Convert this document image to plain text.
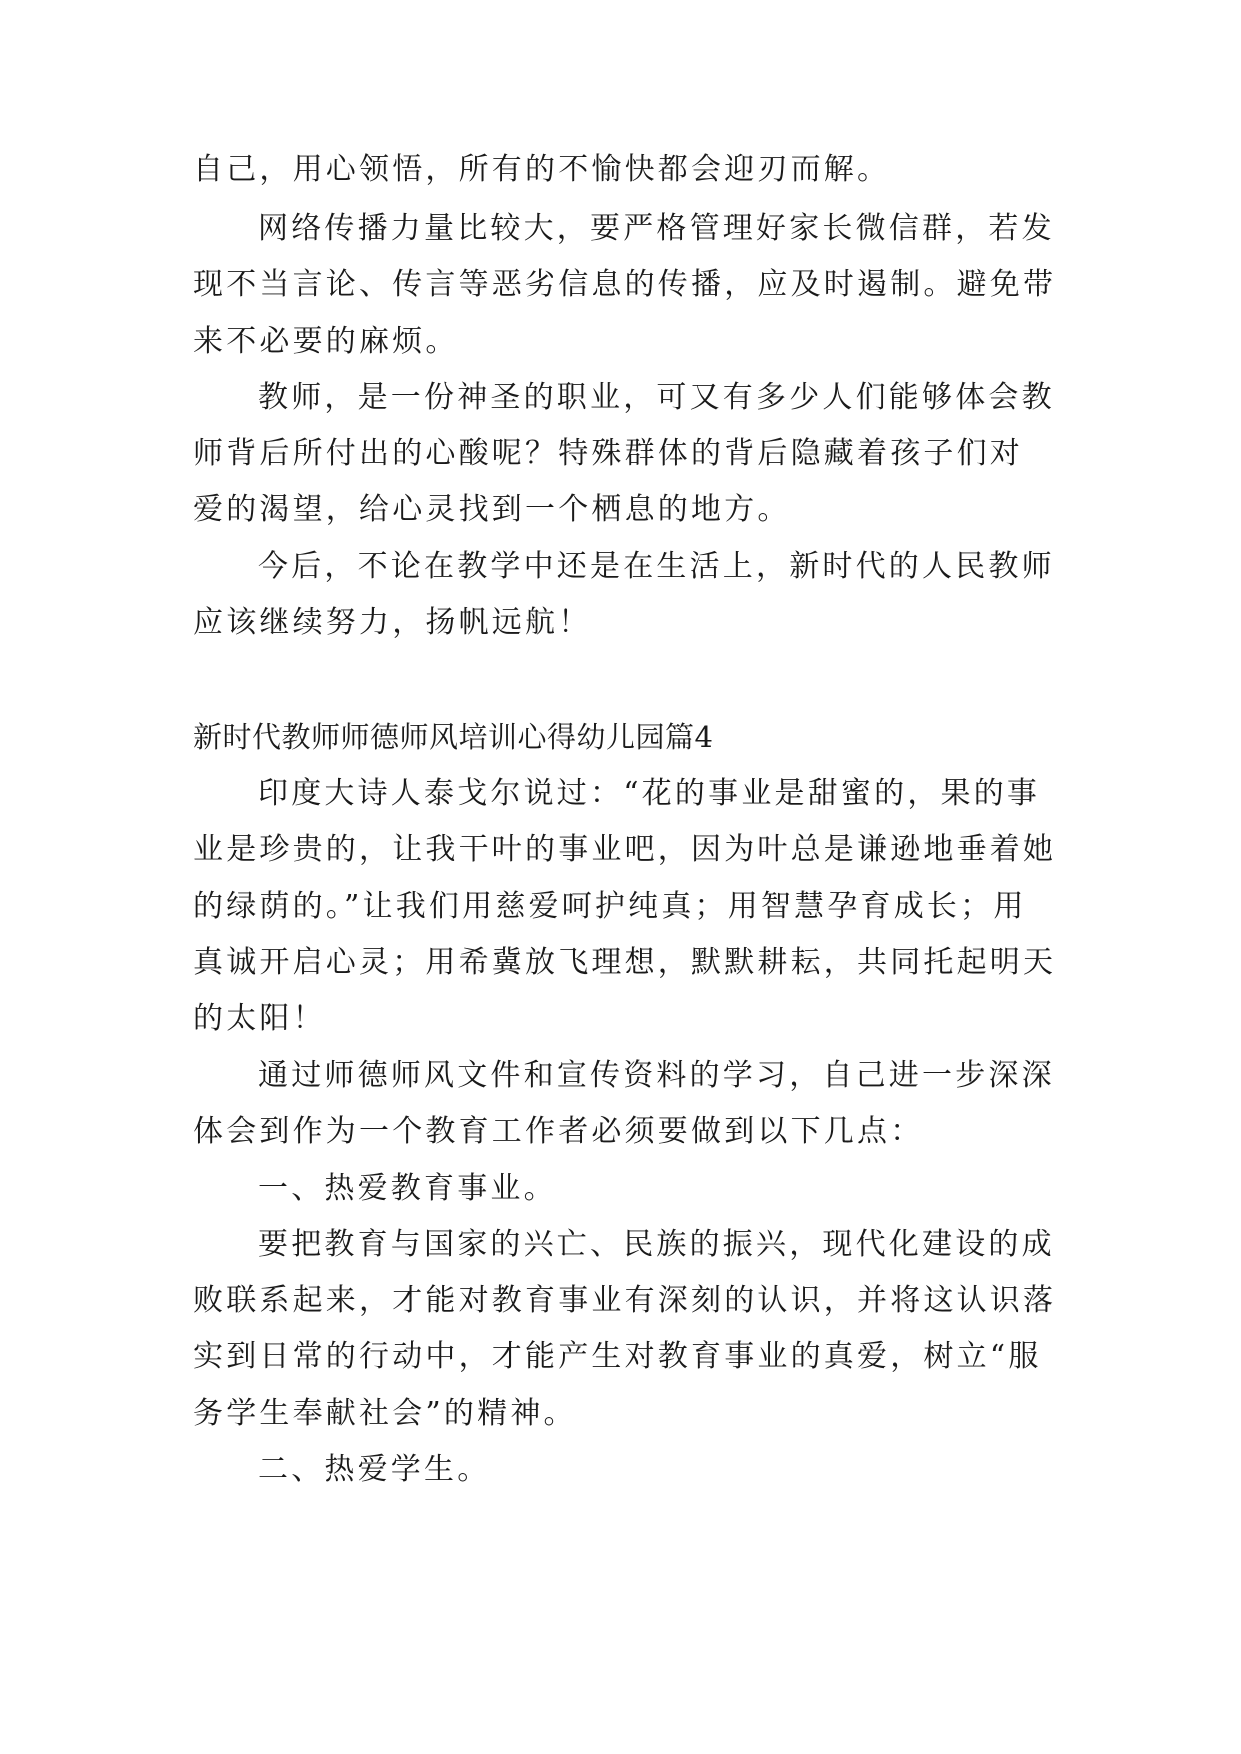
自己，用心领悟，所有的不愉快都会迎刃而解。
网络传播力量比较大，要严格管理好家长微信群，若发
现不当言论、传言等恶劣信息的传播，应及时遏制。避免带
来不必要的麻烦。
教师，是一份神圣的职业，可又有多少人们能够体会教
师背后所付出的心酸呢？特殊群体的背后隐藏着孩子们对
爱的渴望，给心灵找到一个栖息的地方。
今后，不论在教学中还是在生活上，新时代的人民教师
应该继续努力，扬帆远航！
新时代教师师德师风培训心得幼儿园篇4
印度大诗人泰戈尔说过：“花的事业是甜蜜的，果的事
业是珍贵的，让我干叶的事业吧，因为叶总是谦逊地垂着她
的绿荫的。”让我们用慈爱呵护纯真；用智慧孕育成长；用
真诚开启心灵；用希冀放飞理想，默默耕耘，共同托起明天
的太阳！
通过师德师风文件和宣传资料的学习，自己进一步深深
体会到作为一个教育工作者必须要做到以下几点：
一、热爱教育事业。
要把教育与国家的兴亡、民族的振兴，现代化建设的成
败联系起来，才能对教育事业有深刻的认识，并将这认识落
实到日常的行动中，才能产生对教育事业的真爱，树立“服
务学生奉献社会”的精神。
二、热爱学生。
